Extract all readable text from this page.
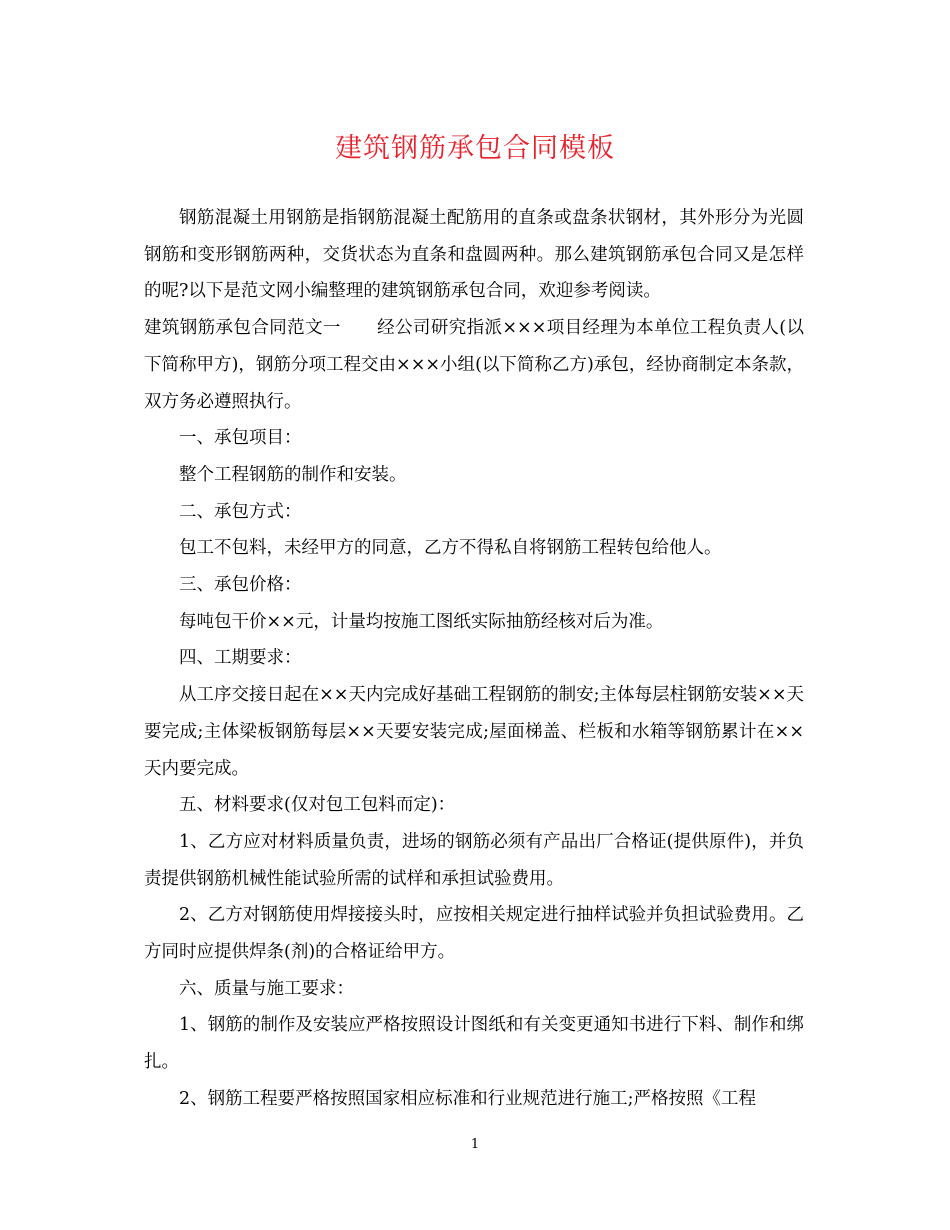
建筑钢筋承包合同模板

钢筋混凝土用钢筋是指钢筋混凝土配筋用的直条或盘条状钢材，其外形分为光圆钢筋和变形钢筋两种，交货状态为直条和盘圆两种。那么建筑钢筋承包合同又是怎样的呢?以下是范文网小编整理的建筑钢筋承包合同，欢迎参考阅读。

建筑钢筋承包合同范文一 经公司研究指派×××项目经理为本单位工程负责人(以下简称甲方)，钢筋分项工程交由×××小组(以下简称乙方)承包，经协商制定本条款，双方务必遵照执行。

一、承包项目：

整个工程钢筋的制作和安装。

二、承包方式：

包工不包料，未经甲方的同意，乙方不得私自将钢筋工程转包给他人。

三、承包价格：

每吨包干价××元，计量均按施工图纸实际抽筋经核对后为准。

四、工期要求：

从工序交接日起在××天内完成好基础工程钢筋的制安;主体每层柱钢筋安装××天要完成;主体梁板钢筋每层××天要安装完成;屋面梯盖、栏板和水箱等钢筋累计在××天内要完成。

五、材料要求(仅对包工包料而定)：

1、乙方应对材料质量负责，进场的钢筋必须有产品出厂合格证(提供原件)，并负责提供钢筋机械性能试验所需的试样和承担试验费用。

2、乙方对钢筋使用焊接接头时，应按相关规定进行抽样试验并负担试验费用。乙方同时应提供焊条(剂)的合格证给甲方。

六、质量与施工要求：

1、钢筋的制作及安装应严格按照设计图纸和有关变更通知书进行下料、制作和绑扎。

2、钢筋工程要严格按照国家相应标准和行业规范进行施工;严格按照《工程

1
